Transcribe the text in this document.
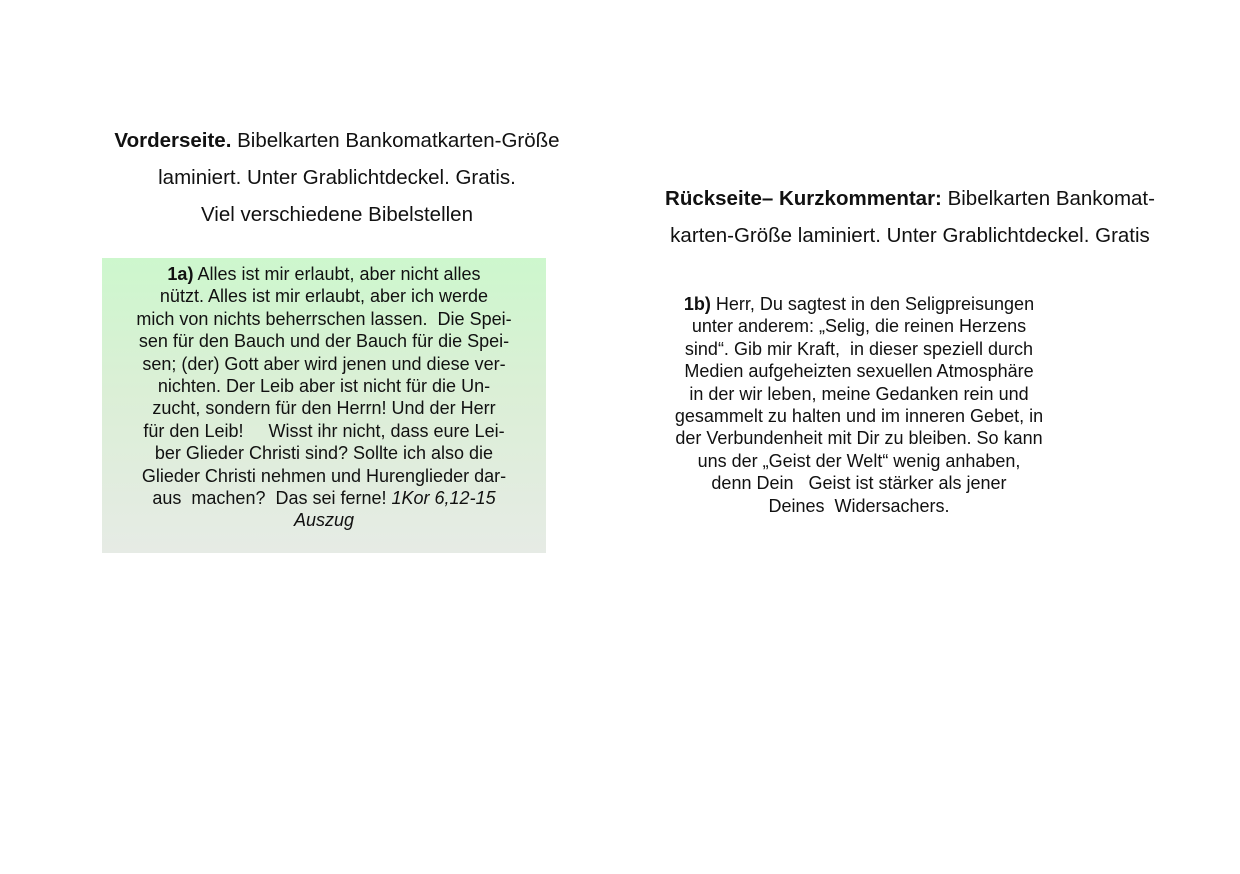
Vorderseite. Bibelkarten Bankomatkarten-Größe
laminiert. Unter Grablichtdeckel. Gratis.
Viel verschiedene Bibelstellen
1a) Alles ist mir erlaubt, aber nicht alles
nützt. Alles ist mir erlaubt, aber ich werde
mich von nichts beherrschen lassen.  Die Spei-
sen für den Bauch und der Bauch für die Spei-
sen; (der) Gott aber wird jenen und diese ver-
nichten. Der Leib aber ist nicht für die Un-
zucht, sondern für den Herrn! Und der Herr
für den Leib!     Wisst ihr nicht, dass eure Lei-
ber Glieder Christi sind? Sollte ich also die
Glieder Christi nehmen und Hurenglieder dar-
aus  machen?  Das sei ferne! 1Kor 6,12-15
Auszug
Rückseite– Kurzkommentar: Bibelkarten Bankomat-
karten-Größe laminiert. Unter Grablichtdeckel. Gratis
1b) Herr, Du sagtest in den Seligpreisungen
unter anderem: „Selig, die reinen Herzens
sind“. Gib mir Kraft,  in dieser speziell durch
Medien aufgeheizten sexuellen Atmosphäre
in der wir leben, meine Gedanken rein und
gesammelt zu halten und im inneren Gebet, in
der Verbundenheit mit Dir zu bleiben. So kann
uns der „Geist der Welt“ wenig anhaben,
denn Dein   Geist ist stärker als jener
Deines  Widersachers.
